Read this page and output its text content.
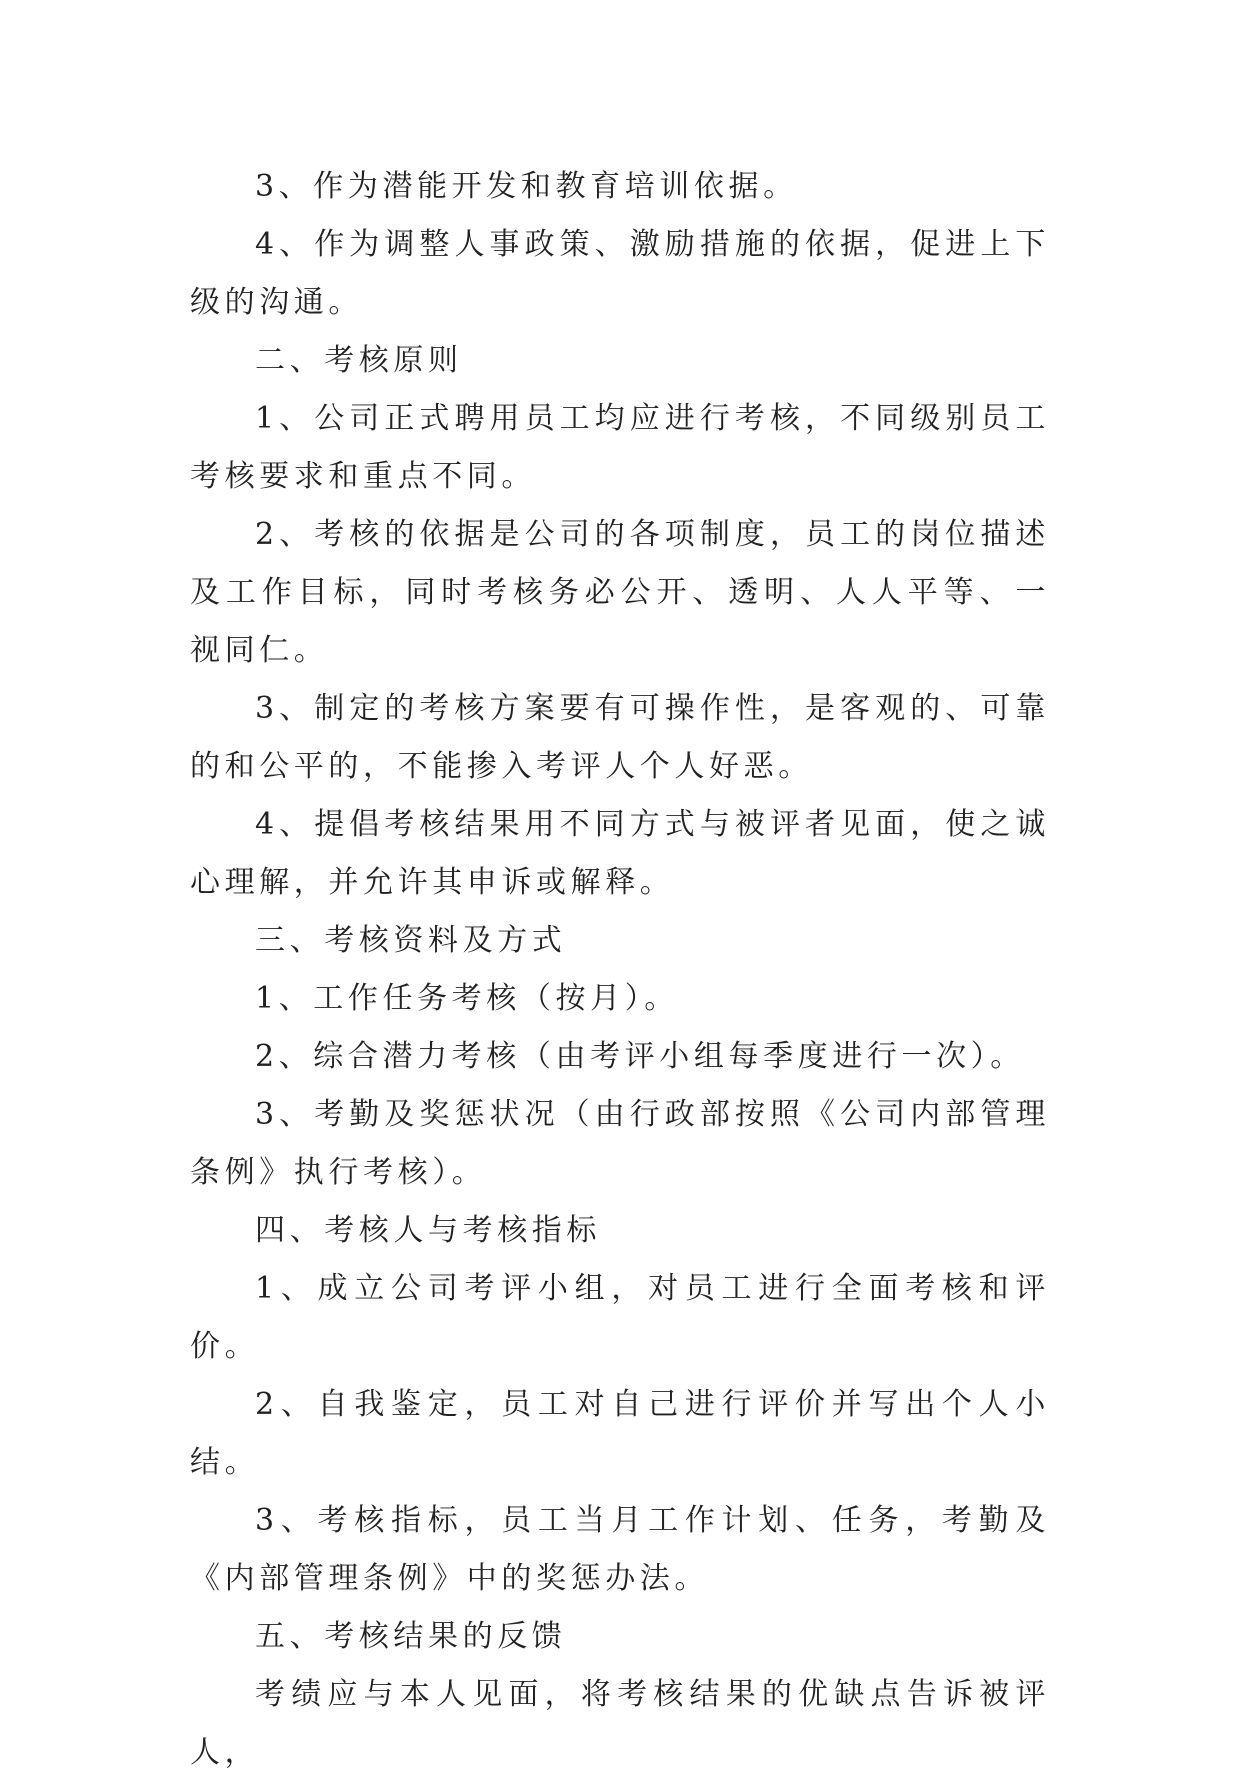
3、作为潜能开发和教育培训依据。

4、作为调整人事政策、激励措施的依据，促进上下级的沟通。

二、考核原则

1、公司正式聘用员工均应进行考核，不同级别员工考核要求和重点不同。

2、考核的依据是公司的各项制度，员工的岗位描述及工作目标，同时考核务必公开、透明、人人平等、一视同仁。

3、制定的考核方案要有可操作性，是客观的、可靠的和公平的，不能掺入考评人个人好恶。

4、提倡考核结果用不同方式与被评者见面，使之诚心理解，并允许其申诉或解释。

三、考核资料及方式

1、工作任务考核（按月）。

2、综合潜力考核（由考评小组每季度进行一次）。

3、考勤及奖惩状况（由行政部按照《公司内部管理条例》执行考核）。

四、考核人与考核指标

1、成立公司考评小组，对员工进行全面考核和评价。

2、自我鉴定，员工对自己进行评价并写出个人小结。

3、考核指标，员工当月工作计划、任务，考勤及《内部管理条例》中的奖惩办法。

五、考核结果的反馈

考绩应与本人见面，将考核结果的优缺点告诉被评人，
